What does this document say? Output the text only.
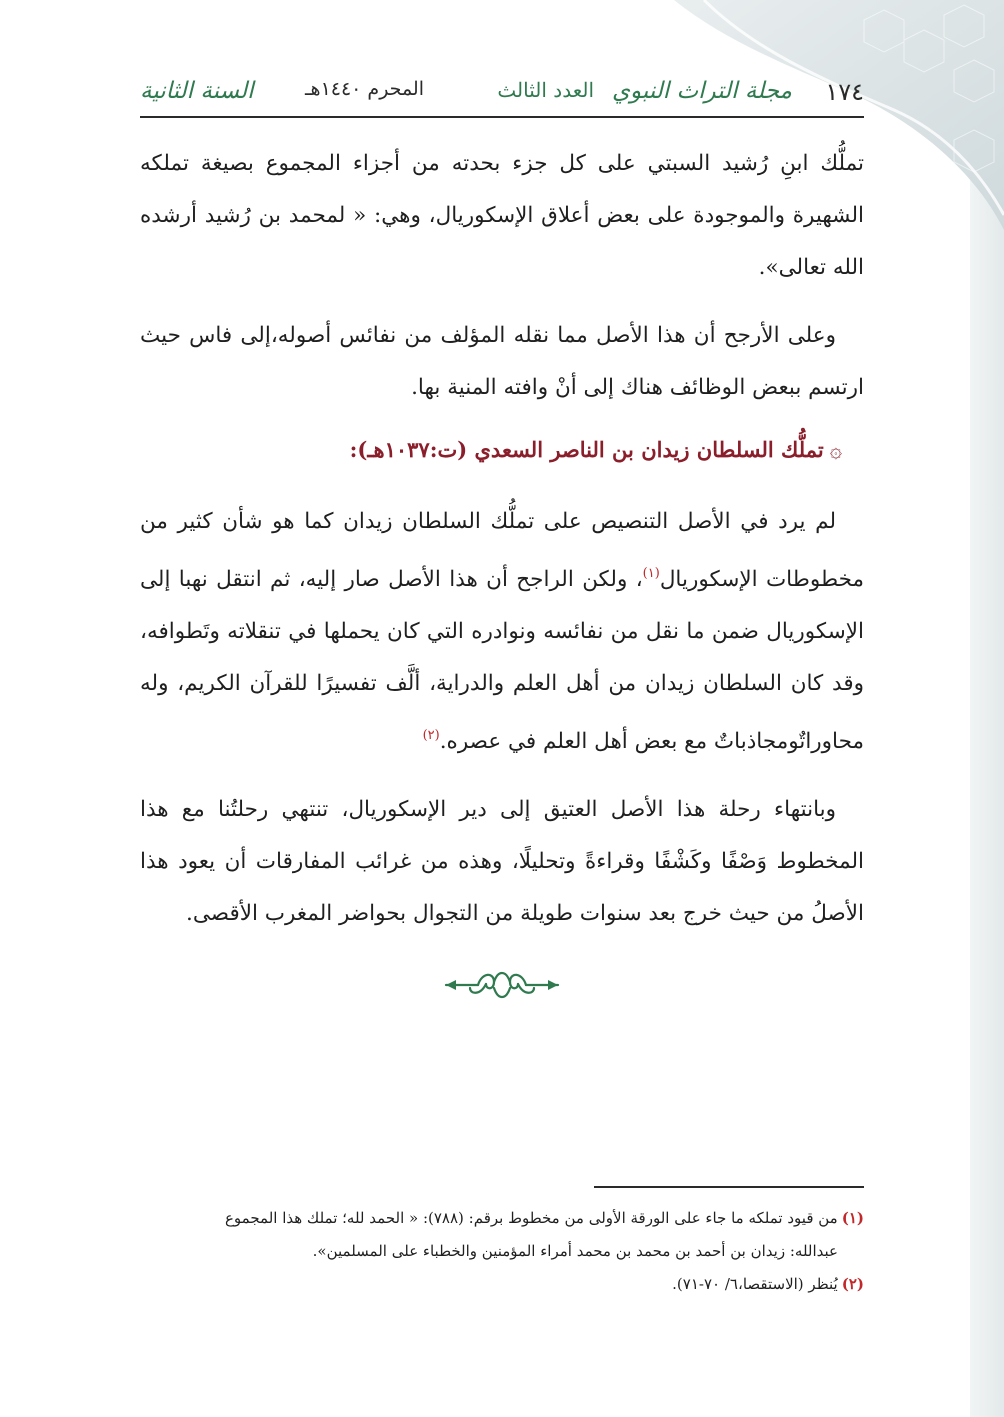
١٧٤
مجلة التراث النبوي
العدد الثالث
المحرم ١٤٤٠هـ
السنة الثانية

تملُّك ابنِ رُشيد السبتي على كل جزء بحدته من أجزاء المجموع بصيغة تملكه الشهيرة والموجودة على بعض أعلاق الإسكوريال، وهي: « لمحمد بن رُشيد أرشده الله تعالى».

وعلى الأرجح أن هذا الأصل مما نقله المؤلف من نفائس أصوله،إلى فاس حيث ارتسم ببعض الوظائف هناك إلى أنْ وافته المنية بها.

۞تملُّك السلطان زيدان بن الناصر السعدي (ت:١٠٣٧هـ):

لم يرد في الأصل التنصيص على تملُّك السلطان زيدان كما هو شأن كثير من مخطوطات الإسكوريال$^{(١)}$، ولكن الراجح أن هذا الأصل صار إليه، ثم انتقل نهبا إلى الإسكوريال ضمن ما نقل من نفائسه ونوادره التي كان يحملها في تنقلاته وتَطوافه، وقد كان السلطان زيدان من أهل العلم والدراية، ألَّف تفسيرًا للقرآن الكريم، وله محاوراتٌومجاذباتٌ مع بعض أهل العلم في عصره.$^{(٢)}$

وبانتهاء رحلة هذا الأصل العتيق إلى دير الإسكوريال، تنتهي رحلتُنا مع هذا المخطوط وَصْفًا وكَشْفًا وقراءةً وتحليلًا، وهذه من غرائب المفارقات أن يعود هذا الأصلُ من حيث خرج بعد سنوات طويلة من التجوال بحواضر المغرب الأقصى.

(١)من قيود تملكه ما جاء على الورقة الأولى من مخطوط برقم: (٧٨٨): « الحمد لله؛ تملك هذا المجموع
عبدالله: زيدان بن أحمد بن محمد بن محمد أمراء المؤمنين والخطباء على المسلمين».
(٢)يُنظر (الاستقصا،٦/ ٧٠-٧١).
